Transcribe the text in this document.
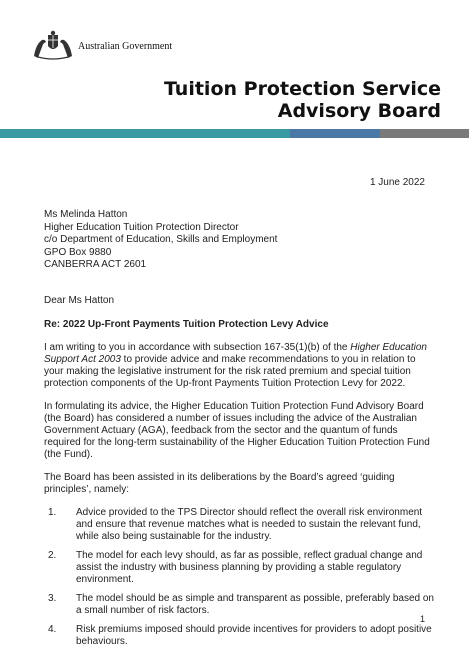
Australian Government
Tuition Protection Service
Advisory Board
1 June 2022
Ms Melinda Hatton
Higher Education Tuition Protection Director
c/o Department of Education, Skills and Employment
GPO Box 9880
CANBERRA ACT 2601

Dear Ms Hatton

Re: 2022 Up-Front Payments Tuition Protection Levy Advice

I am writing to you in accordance with subsection 167-35(1)(b) of the Higher Education Support Act 2003 to provide advice and make recommendations to you in relation to your making the legislative instrument for the risk rated premium and special tuition protection components of the Up-front Payments Tuition Protection Levy for 2022.

In formulating its advice, the Higher Education Tuition Protection Fund Advisory Board (the Board) has considered a number of issues including the advice of the Australian Government Actuary (AGA), feedback from the sector and the quantum of funds required for the long-term sustainability of the Higher Education Tuition Protection Fund (the Fund).

The Board has been assisted in its deliberations by the Board’s agreed ‘guiding principles’, namely:

1.	Advice provided to the TPS Director should reflect the overall risk environment and ensure that revenue matches what is needed to sustain the relevant fund, while also being sustainable for the industry.
2.	The model for each levy should, as far as possible, reflect gradual change and assist the industry with business planning by providing a stable regulatory environment.
3.	The model should be as simple and transparent as possible, preferably based on a small number of risk factors.
4.	Risk premiums imposed should provide incentives for providers to adopt positive behaviours.
1
